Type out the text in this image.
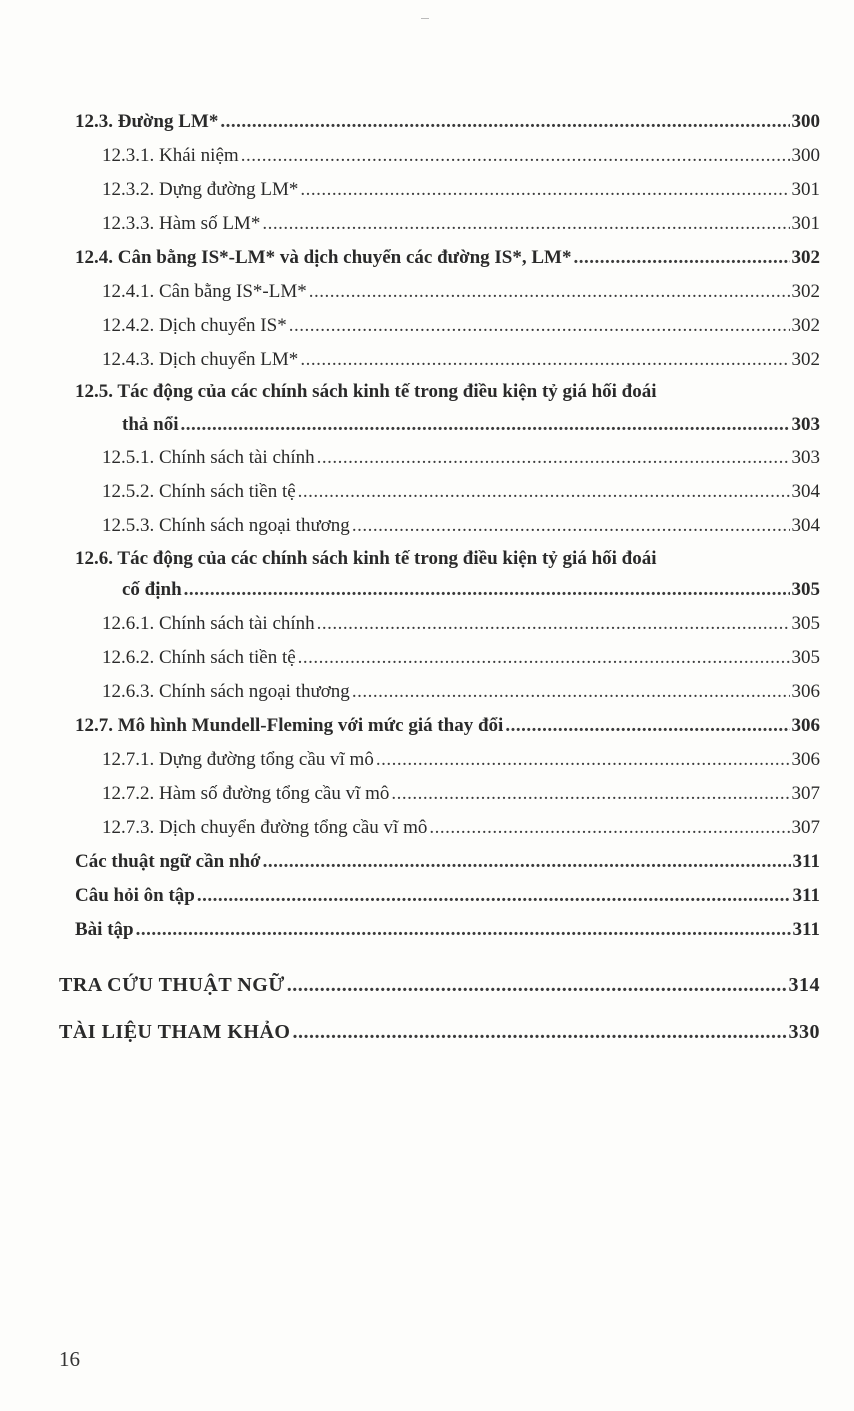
12.3. Đường LM* .....	300
12.3.1. Khái niệm .....	300
12.3.2. Dựng đường LM* .....	301
12.3.3. Hàm số LM* .....	301
12.4. Cân bằng IS*-LM* và dịch chuyển các đường IS*, LM* .....	302
12.4.1. Cân bằng IS*-LM* .....	302
12.4.2. Dịch chuyển IS* .....	302
12.4.3. Dịch chuyển LM* .....	302
12.5. Tác động của các chính sách kinh tế trong điều kiện tỷ giá hối đoái
thả nổi .....	303
12.5.1. Chính sách tài chính .....	303
12.5.2. Chính sách tiền tệ .....	304
12.5.3. Chính sách ngoại thương .....	304
12.6. Tác động của các chính sách kinh tế trong điều kiện tỷ giá hối đoái
cố định .....	305
12.6.1. Chính sách tài chính .....	305
12.6.2. Chính sách tiền tệ .....	305
12.6.3. Chính sách ngoại thương .....	306
12.7. Mô hình Mundell-Fleming với mức giá thay đổi .....	306
12.7.1. Dựng đường tổng cầu vĩ mô .....	306
12.7.2. Hàm số đường tổng cầu vĩ mô .....	307
12.7.3. Dịch chuyển đường tổng cầu vĩ mô .....	307
Các thuật ngữ cần nhớ .....	311
Câu hỏi ôn tập .....	311
Bài tập .....	311
TRA CỨU THUẬT NGỮ .....	314
TÀI LIỆU THAM KHẢO .....	330
16
